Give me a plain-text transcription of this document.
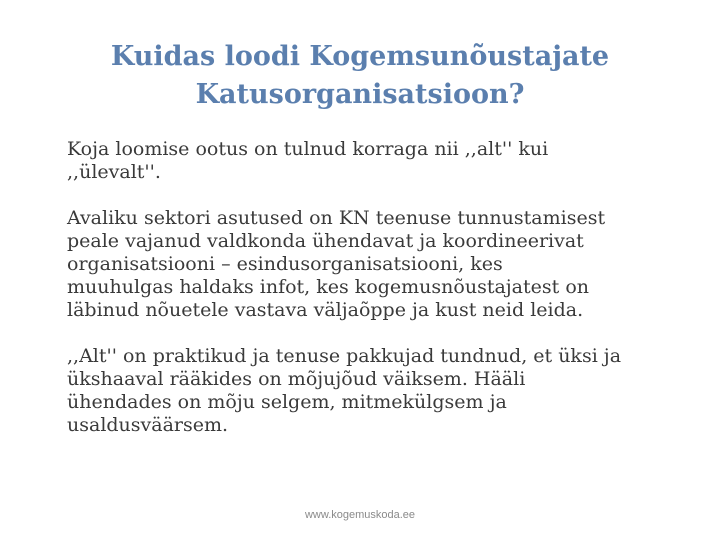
Kuidas loodi Kogemsunõustajate
Katusorganisatsioon?

Koja loomise ootus on tulnud korraga nii ,,alt'' kui
,,ülevalt''.

Avaliku sektori asutused on KN teenuse tunnustamisest
peale vajanud valdkonda ühendavat ja koordineerivat
organisatsiooni – esindusorganisatsiooni, kes
muuhulgas haldaks infot, kes kogemusnõustajatest on
läbinud nõuetele vastava väljaõppe ja kust neid leida.

,,Alt'' on praktikud ja tenuse pakkujad tundnud, et üksi ja
ükshaaval rääkides on mõjujõud väiksem. Hääli
ühendades on mõju selgem, mitmekülgsem ja
usaldusväärsem.

www.kogemuskoda.ee
